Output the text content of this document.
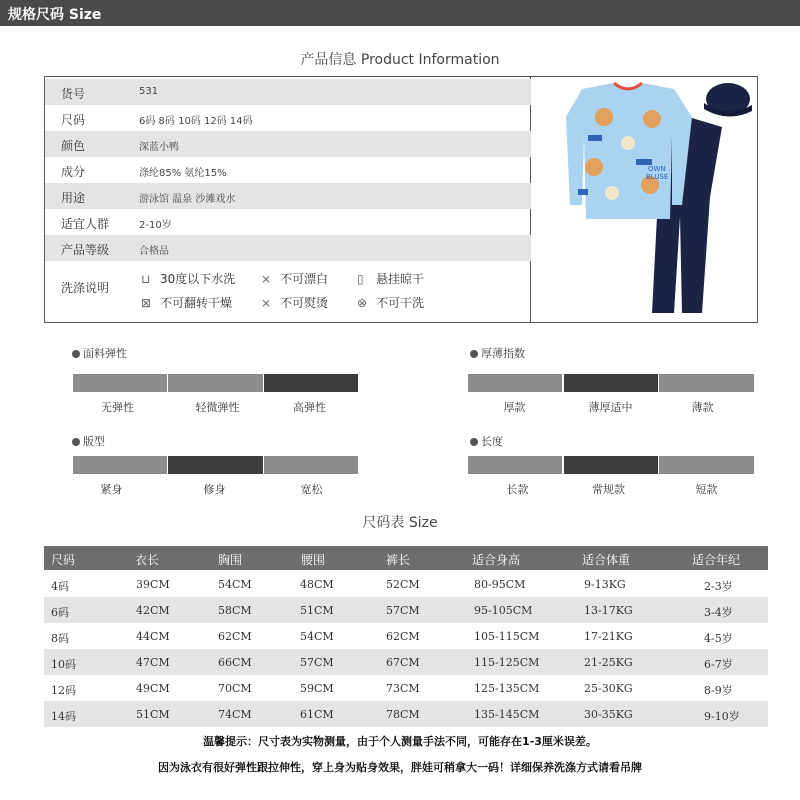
规格尺码 Size
产品信息 Product Information
货号	531
尺码	6码 8码 10码 12码 14码
颜色	深蓝小鸭
成分	涤纶85% 氨纶15%
用途	游泳馆 温泉 沙滩戏水
适宜人群	2-10岁
产品等级	合格品
洗涤说明
⊔ 30度以下水洗 ⨯ 不可漂白 ▯ 悬挂晾干
⊠ 不可翻转干燥 ⨯ 不可熨烫 ⊗ 不可干洗
OWN
BLUSE
面料弹性
无弹性	轻微弹性	高弹性
厚薄指数
厚款	薄厚适中	薄款
版型
紧身	修身	宽松
长度
长款	常规款	短款
尺码表 Size
尺码	衣长	胸围	腰围	裤长	适合身高	适合体重	适合年纪
4码	39CM	54CM	48CM	52CM	80-95CM	9-13KG	2-3岁
6码	42CM	58CM	51CM	57CM	95-105CM	13-17KG	3-4岁
8码	44CM	62CM	54CM	62CM	105-115CM	17-21KG	4-5岁
10码	47CM	66CM	57CM	67CM	115-125CM	21-25KG	6-7岁
12码	49CM	70CM	59CM	73CM	125-135CM	25-30KG	8-9岁
14码	51CM	74CM	61CM	78CM	135-145CM	30-35KG	9-10岁
温馨提示：尺寸表为实物测量，由于个人测量手法不同，可能存在1-3厘米误差。
因为泳衣有很好弹性跟拉伸性，穿上身为贴身效果，胖娃可稍拿大一码！详细保养洗涤方式请看吊牌
